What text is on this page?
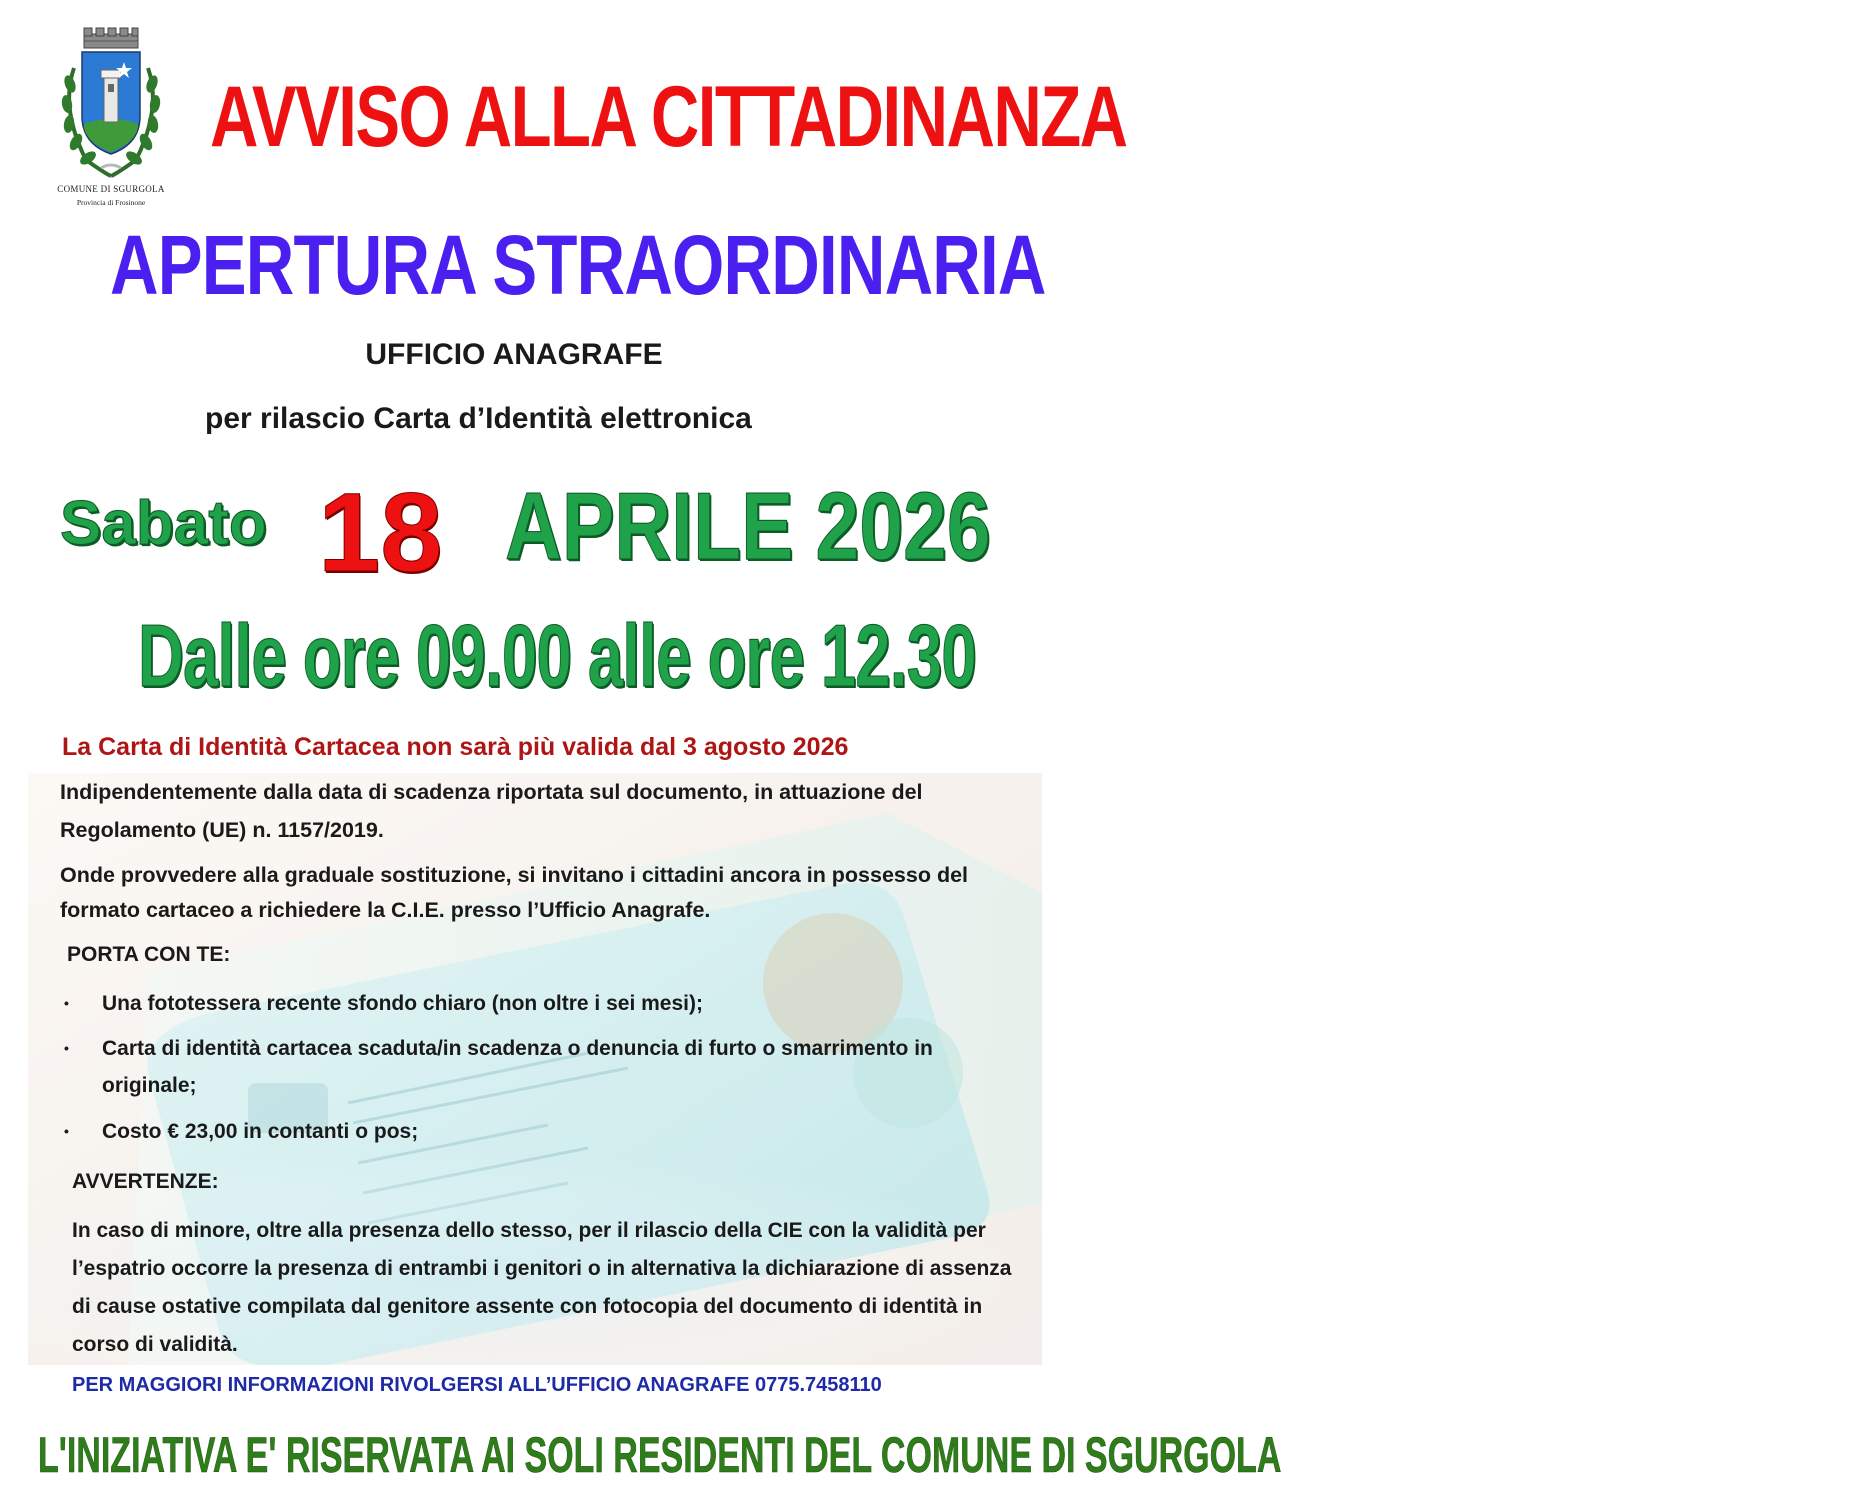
COMUNE DI SGURGOLA
Provincia di Frosinone
AVVISO ALLA CITTADINANZA
APERTURA STRAORDINARIA
UFFICIO ANAGRAFE
per rilascio Carta d’Identità elettronica
Sabato 18 APRILE 2026
Dalle ore 09.00 alle ore 12.30
La Carta di Identità Cartacea non sarà più valida dal 3 agosto 2026
Indipendentemente dalla data di scadenza riportata sul documento, in attuazione del Regolamento (UE) n. 1157/2019.
Onde provvedere alla graduale sostituzione, si invitano i cittadini ancora in possesso del formato cartaceo a richiedere la C.I.E. presso l’Ufficio Anagrafe.
PORTA CON TE:
• Una fototessera recente sfondo chiaro (non oltre i sei mesi);
• Carta di identità cartacea scaduta/in scadenza o denuncia di furto o smarrimento in originale;
• Costo € 23,00 in contanti o pos;
AVVERTENZE:
In caso di minore, oltre alla presenza dello stesso, per il rilascio della CIE con la validità per l’espatrio occorre la presenza di entrambi i genitori o in alternativa la dichiarazione di assenza di cause ostative compilata dal genitore assente con fotocopia del documento di identità in corso di validità.
PER MAGGIORI INFORMAZIONI RIVOLGERSI ALL’UFFICIO ANAGRAFE 0775.7458110
L'INIZIATIVA E' RISERVATA AI SOLI RESIDENTI DEL COMUNE DI SGURGOLA
